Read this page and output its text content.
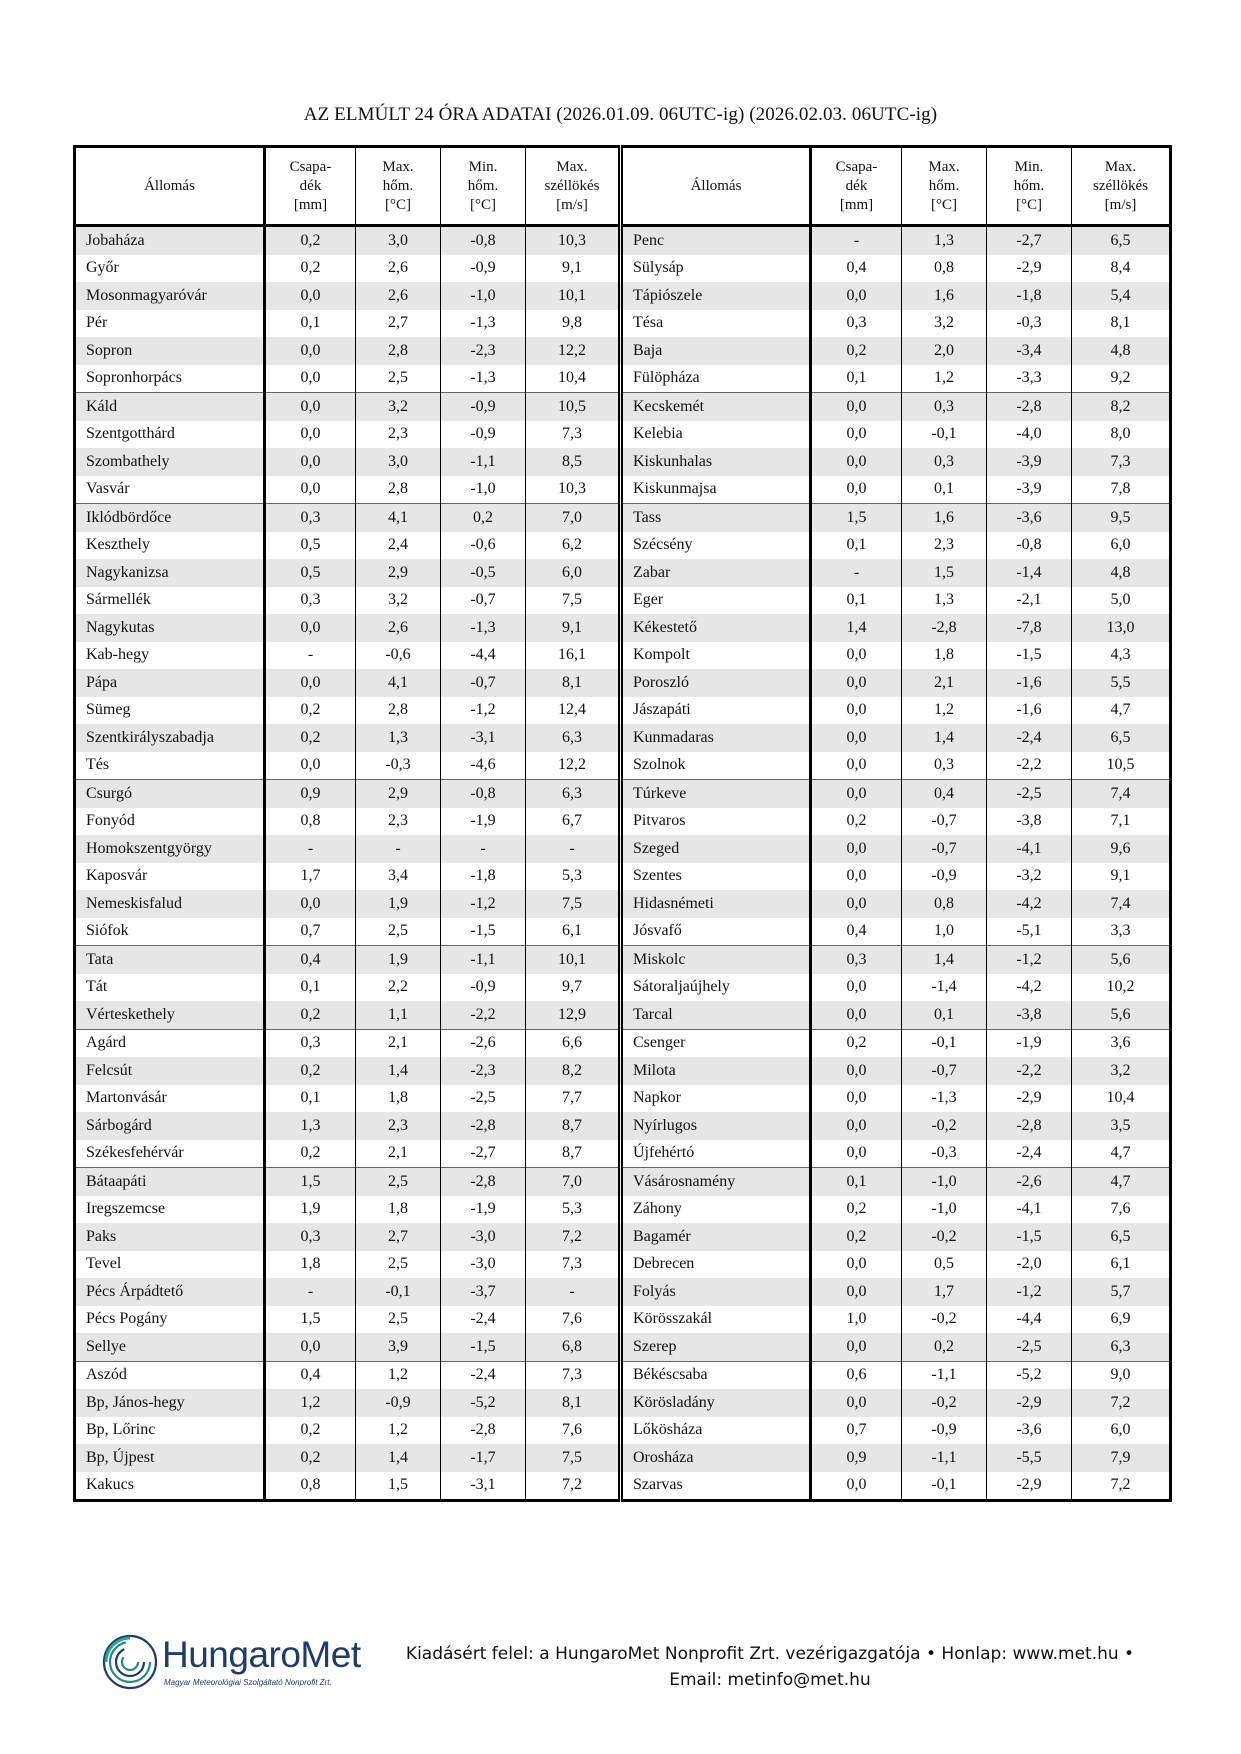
AZ ELMÚLT 24 ÓRA ADATAI (2026.01.09. 06UTC-ig) (2026.02.03. 06UTC-ig)
Állomás	Csapa-
dék
[mm]	Max.
hőm.
[°C]	Min.
hőm.
[°C]	Max.
széllökés
[m/s]	Állomás	Csapa-
dék
[mm]	Max.
hőm.
[°C]	Min.
hőm.
[°C]	Max.
széllökés
[m/s]

Jobaháza	0,2	3,0	-0,8	10,3	Penc	-	1,3	-2,7	6,5
Győr	0,2	2,6	-0,9	9,1	Sülysáp	0,4	0,8	-2,9	8,4
Mosonmagyaróvár	0,0	2,6	-1,0	10,1	Tápiószele	0,0	1,6	-1,8	5,4
Pér	0,1	2,7	-1,3	9,8	Tésa	0,3	3,2	-0,3	8,1
Sopron	0,0	2,8	-2,3	12,2	Baja	0,2	2,0	-3,4	4,8
Sopronhorpács	0,0	2,5	-1,3	10,4	Fülöpháza	0,1	1,2	-3,3	9,2
Káld	0,0	3,2	-0,9	10,5	Kecskemét	0,0	0,3	-2,8	8,2
Szentgotthárd	0,0	2,3	-0,9	7,3	Kelebia	0,0	-0,1	-4,0	8,0
Szombathely	0,0	3,0	-1,1	8,5	Kiskunhalas	0,0	0,3	-3,9	7,3
Vasvár	0,0	2,8	-1,0	10,3	Kiskunmajsa	0,0	0,1	-3,9	7,8
Iklódbördőce	0,3	4,1	0,2	7,0	Tass	1,5	1,6	-3,6	9,5
Keszthely	0,5	2,4	-0,6	6,2	Szécsény	0,1	2,3	-0,8	6,0
Nagykanizsa	0,5	2,9	-0,5	6,0	Zabar	-	1,5	-1,4	4,8
Sármellék	0,3	3,2	-0,7	7,5	Eger	0,1	1,3	-2,1	5,0
Nagykutas	0,0	2,6	-1,3	9,1	Kékestető	1,4	-2,8	-7,8	13,0
Kab-hegy	-	-0,6	-4,4	16,1	Kompolt	0,0	1,8	-1,5	4,3
Pápa	0,0	4,1	-0,7	8,1	Poroszló	0,0	2,1	-1,6	5,5
Sümeg	0,2	2,8	-1,2	12,4	Jászapáti	0,0	1,2	-1,6	4,7
Szentkirályszabadja	0,2	1,3	-3,1	6,3	Kunmadaras	0,0	1,4	-2,4	6,5
Tés	0,0	-0,3	-4,6	12,2	Szolnok	0,0	0,3	-2,2	10,5
Csurgó	0,9	2,9	-0,8	6,3	Túrkeve	0,0	0,4	-2,5	7,4
Fonyód	0,8	2,3	-1,9	6,7	Pitvaros	0,2	-0,7	-3,8	7,1
Homokszentgyörgy	-	-	-	-	Szeged	0,0	-0,7	-4,1	9,6
Kaposvár	1,7	3,4	-1,8	5,3	Szentes	0,0	-0,9	-3,2	9,1
Nemeskisfalud	0,0	1,9	-1,2	7,5	Hidasnémeti	0,0	0,8	-4,2	7,4
Siófok	0,7	2,5	-1,5	6,1	Jósvafő	0,4	1,0	-5,1	3,3
Tata	0,4	1,9	-1,1	10,1	Miskolc	0,3	1,4	-1,2	5,6
Tát	0,1	2,2	-0,9	9,7	Sátoraljaújhely	0,0	-1,4	-4,2	10,2
Vérteskethely	0,2	1,1	-2,2	12,9	Tarcal	0,0	0,1	-3,8	5,6
Agárd	0,3	2,1	-2,6	6,6	Csenger	0,2	-0,1	-1,9	3,6
Felcsút	0,2	1,4	-2,3	8,2	Milota	0,0	-0,7	-2,2	3,2
Martonvásár	0,1	1,8	-2,5	7,7	Napkor	0,0	-1,3	-2,9	10,4
Sárbogárd	1,3	2,3	-2,8	8,7	Nyírlugos	0,0	-0,2	-2,8	3,5
Székesfehérvár	0,2	2,1	-2,7	8,7	Újfehértó	0,0	-0,3	-2,4	4,7
Bátaapáti	1,5	2,5	-2,8	7,0	Vásárosnamény	0,1	-1,0	-2,6	4,7
Iregszemcse	1,9	1,8	-1,9	5,3	Záhony	0,2	-1,0	-4,1	7,6
Paks	0,3	2,7	-3,0	7,2	Bagamér	0,2	-0,2	-1,5	6,5
Tevel	1,8	2,5	-3,0	7,3	Debrecen	0,0	0,5	-2,0	6,1
Pécs Árpádtető	-	-0,1	-3,7	-	Folyás	0,0	1,7	-1,2	5,7
Pécs Pogány	1,5	2,5	-2,4	7,6	Körösszakál	1,0	-0,2	-4,4	6,9
Sellye	0,0	3,9	-1,5	6,8	Szerep	0,0	0,2	-2,5	6,3
Aszód	0,4	1,2	-2,4	7,3	Békéscsaba	0,6	-1,1	-5,2	9,0
Bp, János-hegy	1,2	-0,9	-5,2	8,1	Körösladány	0,0	-0,2	-2,9	7,2
Bp, Lőrinc	0,2	1,2	-2,8	7,6	Lőkösháza	0,7	-0,9	-3,6	6,0
Bp, Újpest	0,2	1,4	-1,7	7,5	Orosháza	0,9	-1,1	-5,5	7,9
Kakucs	0,8	1,5	-3,1	7,2	Szarvas	0,0	-0,1	-2,9	7,2
HungaroMet
Magyar Meteorológiai Szolgáltató Nonprofit Zrt.
Kiadásért felel: a HungaroMet Nonprofit Zrt. vezérigazgatója • Honlap: www.met.hu •
Email: metinfo@met.hu
